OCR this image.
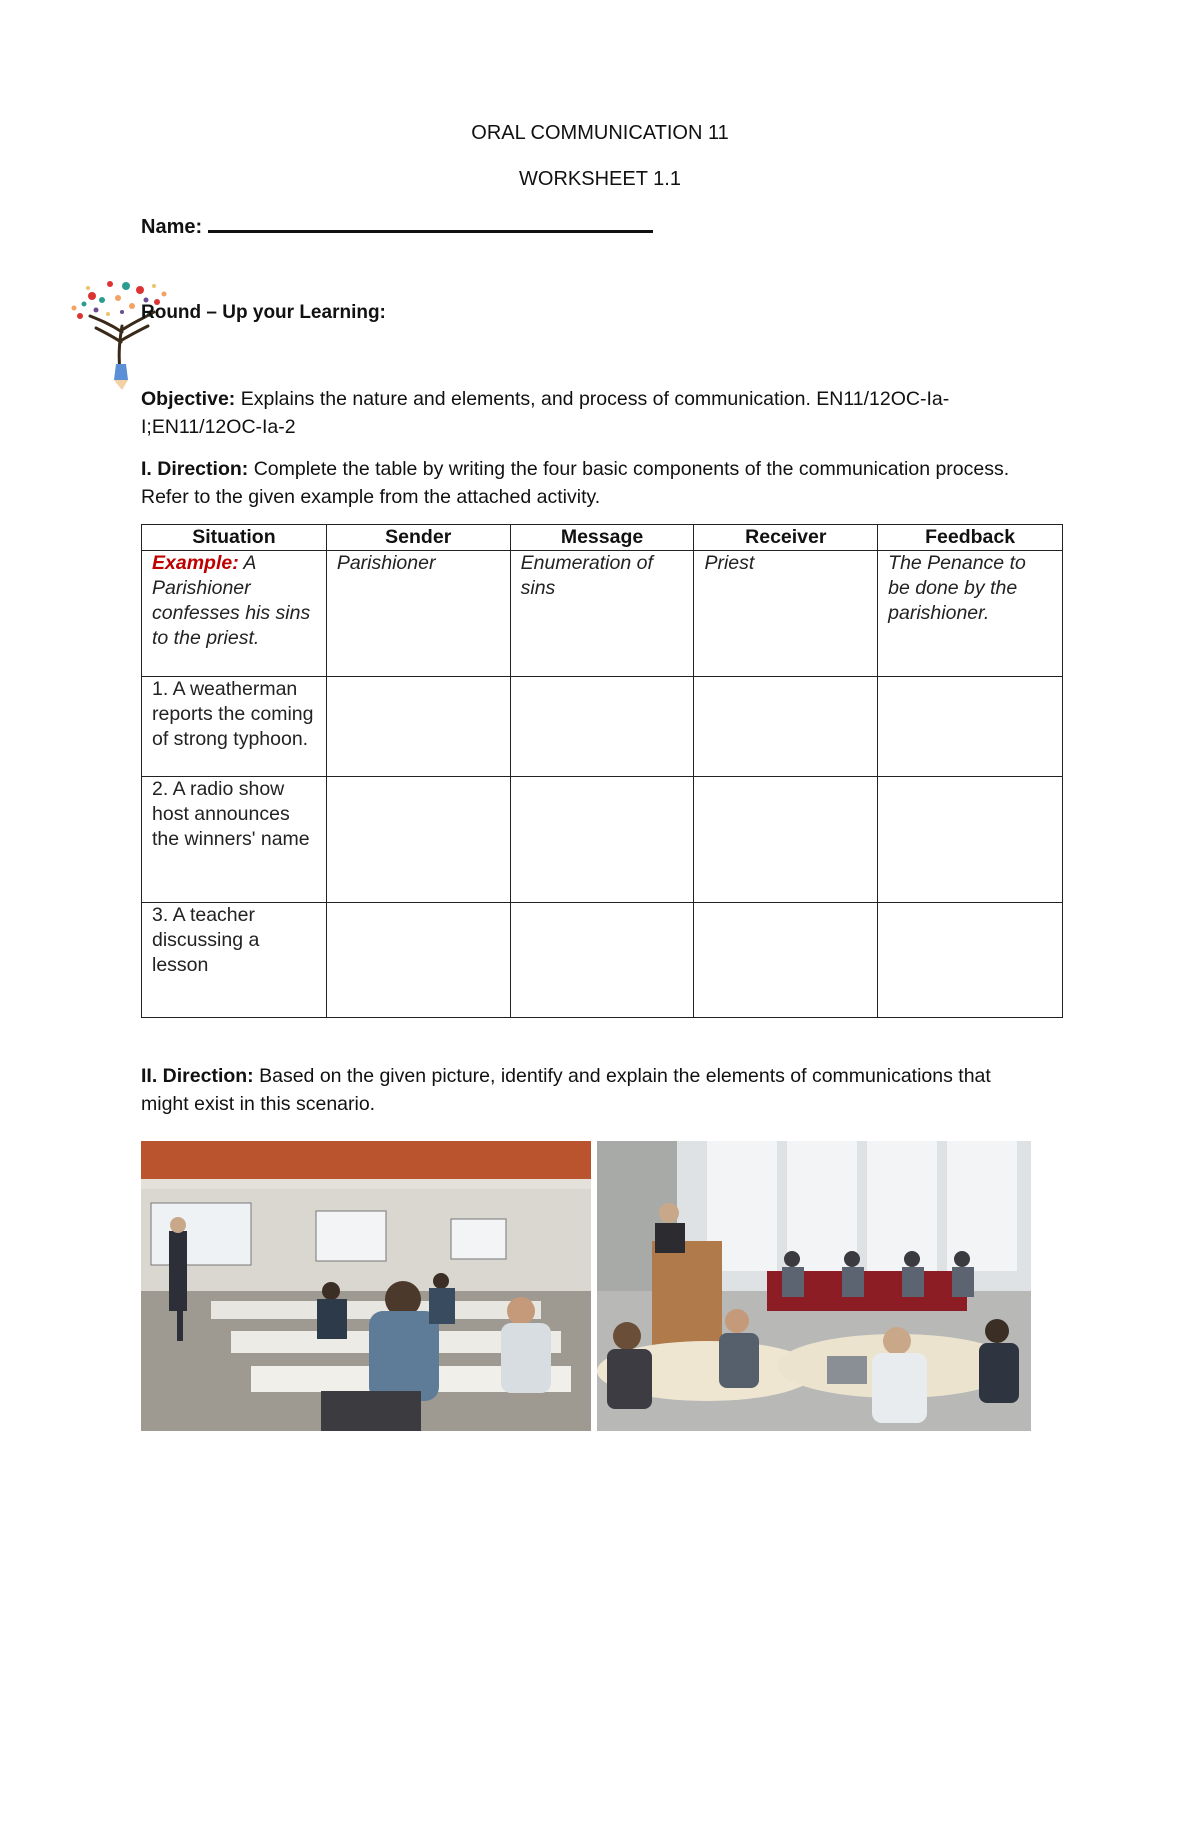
ORAL COMMUNICATION 11
WORKSHEET 1.1
Name:
Round – Up your Learning:
Objective: Explains the nature and elements, and process of communication. EN11/12OC-Ia-I;EN11/12OC-Ia-2
I. Direction: Complete the table by writing the four basic components of the communication process. Refer to the given example from the attached activity.
Situation	Sender	Message	Receiver	Feedback
Example: A Parishioner confesses his sins to the priest.	Parishioner	Enumeration of sins	Priest	The Penance to be done by the parishioner.
1. A weatherman reports the coming of strong typhoon.				
2. A radio show host announces the winners' name				
3. A teacher discussing a lesson				
II. Direction: Based on the given picture, identify and explain the elements of communications that might exist in this scenario.
